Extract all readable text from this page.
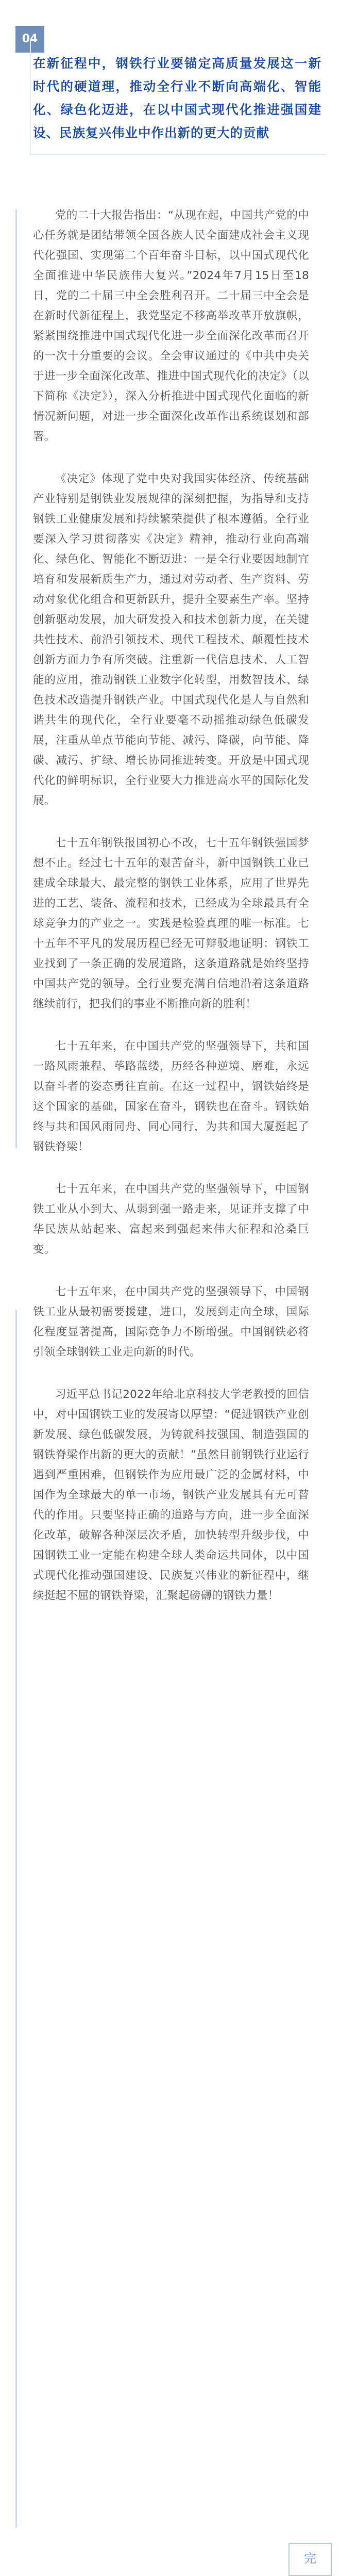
04
在新征程中，钢铁行业要锚定高质量发展这一新时代的硬道理，推动全行业不断向高端化、智能化、绿色化迈进，在以中国式现代化推进强国建设、民族复兴伟业中作出新的更大的贡献

党的二十大报告指出：“从现在起，中国共产党的中心任务就是团结带领全国各族人民全面建成社会主义现代化强国、实现第二个百年奋斗目标，以中国式现代化全面推进中华民族伟大复兴。”2024年7月15日至18日，党的二十届三中全会胜利召开。二十届三中全会是在新时代新征程上，我党坚定不移高举改革开放旗帜，紧紧围绕推进中国式现代化进一步全面深化改革而召开的一次十分重要的会议。全会审议通过的《中共中央关于进一步全面深化改革、推进中国式现代化的决定》（以下简称《决定》），深入分析推进中国式现代化面临的新情况新问题，对进一步全面深化改革作出系统谋划和部署。

《决定》体现了党中央对我国实体经济、传统基础产业特别是钢铁业发展规律的深刻把握，为指导和支持钢铁工业健康发展和持续繁荣提供了根本遵循。全行业要深入学习贯彻落实《决定》精神，推动行业向高端化、绿色化、智能化不断迈进：一是全行业要因地制宜培育和发展新质生产力，通过对劳动者、生产资料、劳动对象优化组合和更新跃升，提升全要素生产率。坚持创新驱动发展，加大研发投入和技术创新力度，在关键共性技术、前沿引领技术、现代工程技术、颠覆性技术创新方面力争有所突破。注重新一代信息技术、人工智能的应用，推动钢铁工业数字化转型，用数智技术、绿色技术改造提升钢铁产业。中国式现代化是人与自然和谐共生的现代化，全行业要毫不动摇推动绿色低碳发展，注重从单点节能向节能、减污、降碳，向节能、降碳、减污、扩绿、增长协同推进转变。开放是中国式现代化的鲜明标识，全行业要大力推进高水平的国际化发展。

七十五年钢铁报国初心不改，七十五年钢铁强国梦想不止。经过七十五年的艰苦奋斗，新中国钢铁工业已建成全球最大、最完整的钢铁工业体系，应用了世界先进的工艺、装备、流程和技术，已经成为全球最具有全球竞争力的产业之一。实践是检验真理的唯一标准。七十五年不平凡的发展历程已经无可辩驳地证明：钢铁工业找到了一条正确的发展道路，这条道路就是始终坚持中国共产党的领导。全行业要充满自信地沿着这条道路继续前行，把我们的事业不断推向新的胜利！

七十五年来，在中国共产党的坚强领导下，共和国一路风雨兼程、荜路蓝缕，历经各种逆境、磨难，永远以奋斗者的姿态勇往直前。在这一过程中，钢铁始终是这个国家的基础，国家在奋斗，钢铁也在奋斗。钢铁始终与共和国风雨同舟、同心同行，为共和国大厦挺起了钢铁脊梁！

七十五年来，在中国共产党的坚强领导下，中国钢铁工业从小到大、从弱到强一路走来，见证并支撑了中华民族从站起来、富起来到强起来伟大征程和沧桑巨变。

七十五年来，在中国共产党的坚强领导下，中国钢铁工业从最初需要援建，进口，发展到走向全球，国际化程度显著提高，国际竞争力不断增强。中国钢铁必将引领全球钢铁工业走向新的时代。

习近平总书记2022年给北京科技大学老教授的回信中，对中国钢铁工业的发展寄以厚望：“促进钢铁产业创新发展、绿色低碳发展，为铸就科技强国、制造强国的钢铁脊梁作出新的更大的贡献！”虽然目前钢铁行业运行遇到严重困难，但钢铁作为应用最广泛的金属材料，中国作为全球最大的单一市场，钢铁产业发展具有无可替代的作用。只要坚持正确的道路与方向，进一步全面深化改革，破解各种深层次矛盾，加快转型升级步伐，中国钢铁工业一定能在构建全球人类命运共同体，以中国式现代化推动强国建设、民族复兴伟业的新征程中，继续挺起不屈的钢铁脊梁，汇聚起磅礴的钢铁力量！

完
